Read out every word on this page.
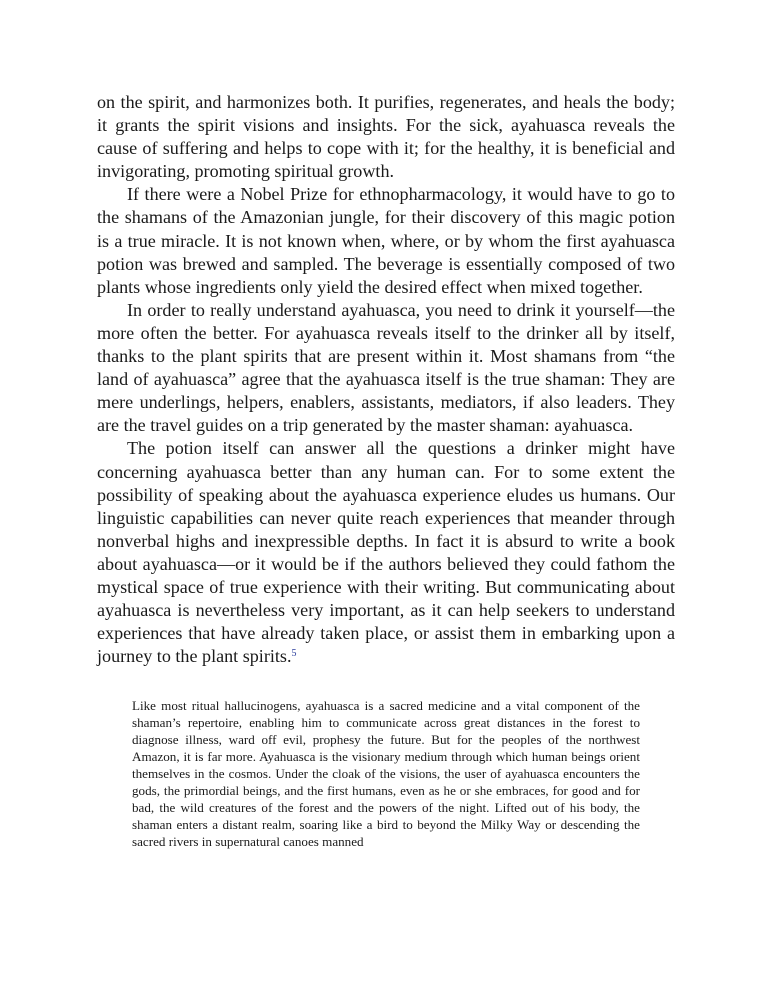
on the spirit, and harmonizes both. It purifies, regenerates, and heals the body; it grants the spirit visions and insights. For the sick, ayahuasca reveals the cause of suffering and helps to cope with it; for the healthy, it is beneficial and invigorating, promoting spiritual growth.

If there were a Nobel Prize for ethnopharmacology, it would have to go to the shamans of the Amazonian jungle, for their discovery of this magic potion is a true miracle. It is not known when, where, or by whom the first ayahuasca potion was brewed and sampled. The beverage is essentially composed of two plants whose ingredients only yield the desired effect when mixed together.

In order to really understand ayahuasca, you need to drink it yourself—the more often the better. For ayahuasca reveals itself to the drinker all by itself, thanks to the plant spirits that are present within it. Most shamans from “the land of ayahuasca” agree that the ayahuasca itself is the true shaman: They are mere underlings, helpers, enablers, assistants, mediators, if also leaders. They are the travel guides on a trip generated by the master shaman: ayahuasca.

The potion itself can answer all the questions a drinker might have concerning ayahuasca better than any human can. For to some extent the possibility of speaking about the ayahuasca experience eludes us humans. Our linguistic capabilities can never quite reach experiences that meander through nonverbal highs and inexpressible depths. In fact it is absurd to write a book about ayahuasca—or it would be if the authors believed they could fathom the mystical space of true experience with their writing. But communicating about ayahuasca is nevertheless very important, as it can help seekers to understand experiences that have already taken place, or assist them in embarking upon a journey to the plant spirits.$^5$

Like most ritual hallucinogens, ayahuasca is a sacred medicine and a vital component of the shaman’s repertoire, enabling him to communicate across great distances in the forest to diagnose illness, ward off evil, prophesy the future. But for the peoples of the northwest Amazon, it is far more. Ayahuasca is the visionary medium through which human beings orient themselves in the cosmos. Under the cloak of the visions, the user of ayahuasca encounters the gods, the primordial beings, and the first humans, even as he or she embraces, for good and for bad, the wild creatures of the forest and the powers of the night. Lifted out of his body, the shaman enters a distant realm, soaring like a bird to beyond the Milky Way or descending the sacred rivers in supernatural canoes manned
